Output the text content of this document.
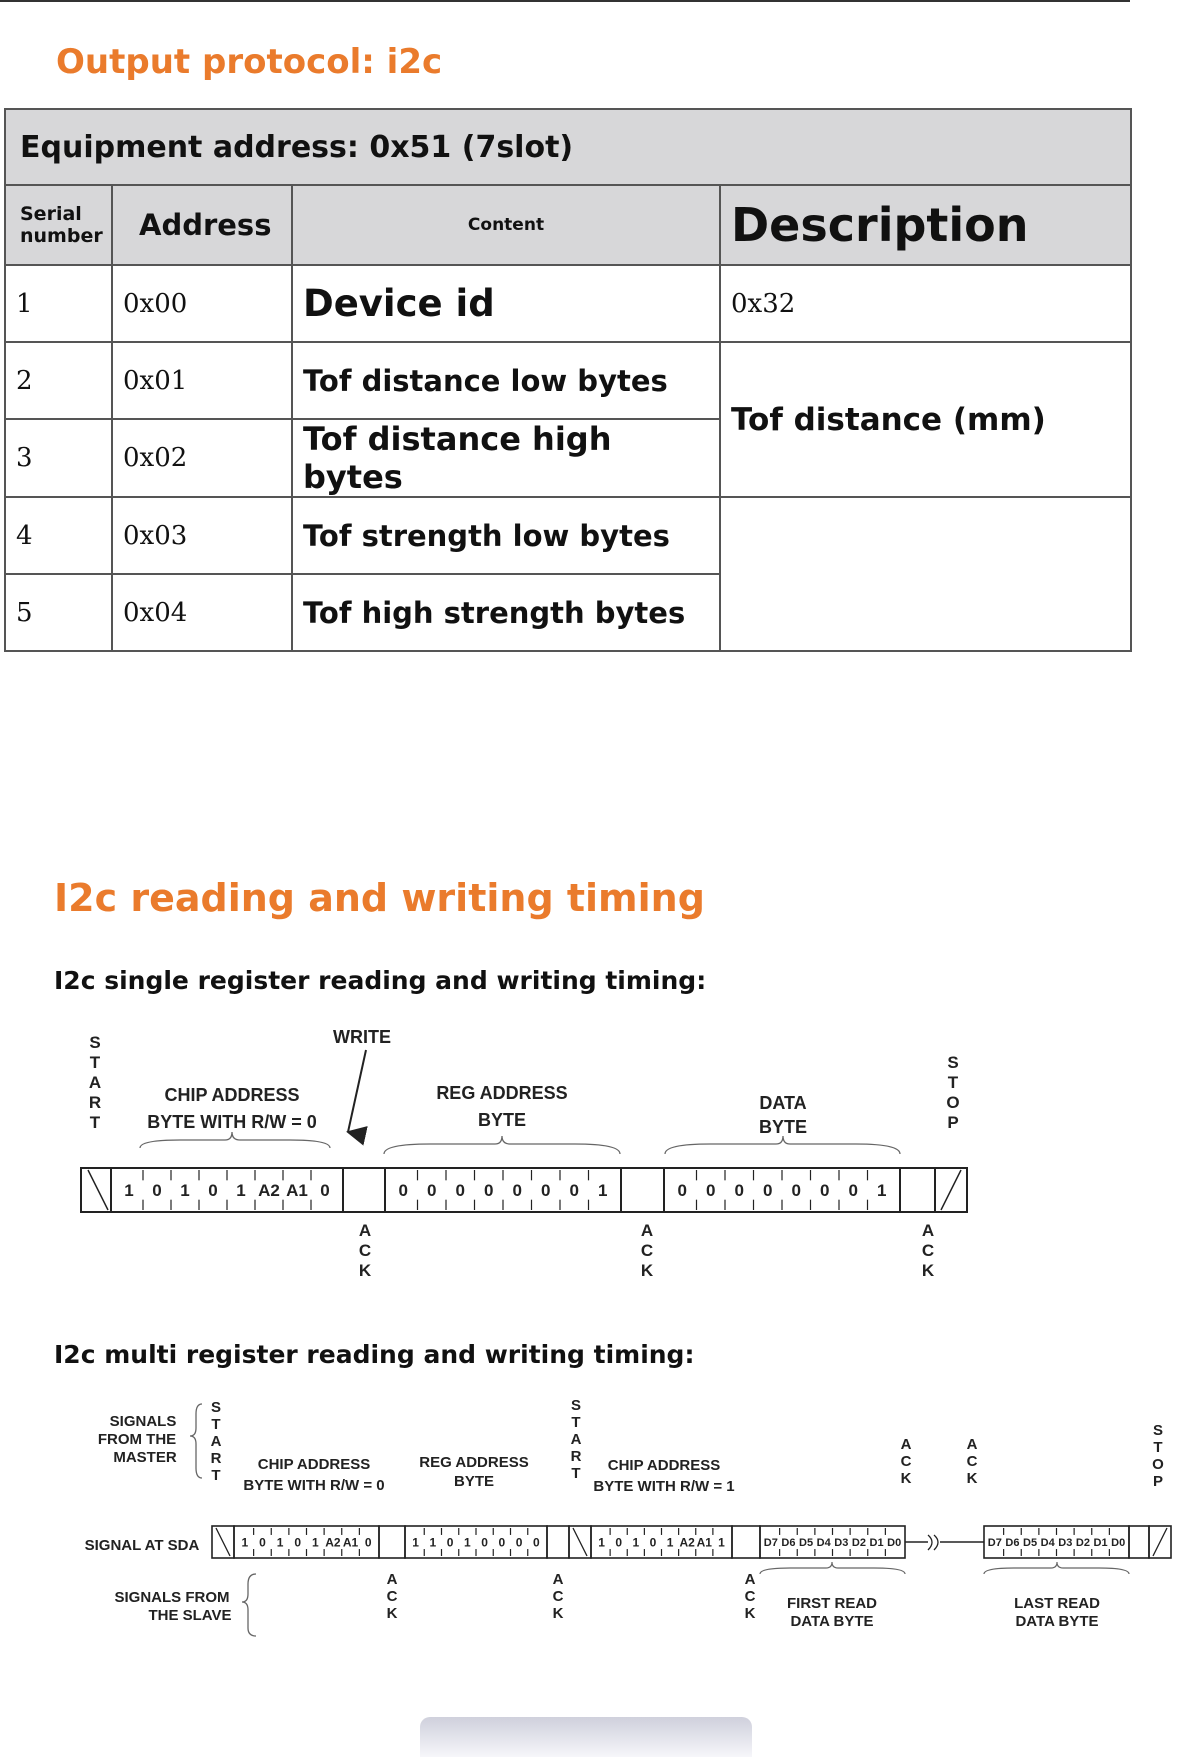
Output protocol: i2c
Equipment address: 0x51 (7slot)			
Serial number	Address	Content	Description
1	0x00	Device id	0x32
2	0x01	Tof distance low bytes	Tof distance (mm)
3	0x02	Tof distance high bytes	
4	0x03	Tof strength low bytes	
5	0x04	Tof high strength bytes	
I2c reading and writing timing
I2c single register reading and writing timing:
S T A R T
WRITE
CHIP ADDRESS
BYTE WITH R/W = 0
REG ADDRESS
BYTE
DATA
BYTE
S T O P
1 0 1 0 1 A2 A1 0	0 0 0 0 0 0 0 1	0 0 0 0 0 0 0 1
A C K
A C K
A C K
I2c multi register reading and writing timing:
SIGNALS
FROM THE
MASTER
S T A R T
CHIP ADDRESS
BYTE WITH R/W = 0
REG ADDRESS
BYTE
S T A R T CHIP ADDRESS
BYTE WITH R/W = 1
A C K
A C K
S T O P
SIGNAL AT SDA	1 0 1 0 1 A2 A1 0	1 1 0 1 0 0 0 0	1 0 1 0 1 A2 A1 1	D7 D6 D5 D4 D3 D2 D1 D0	D7 D6 D5 D4 D3 D2 D1 D0
SIGNALS FROM
THE SLAVE
A C K
A C K
A C K
FIRST READ
DATA BYTE
LAST READ
DATA BYTE
